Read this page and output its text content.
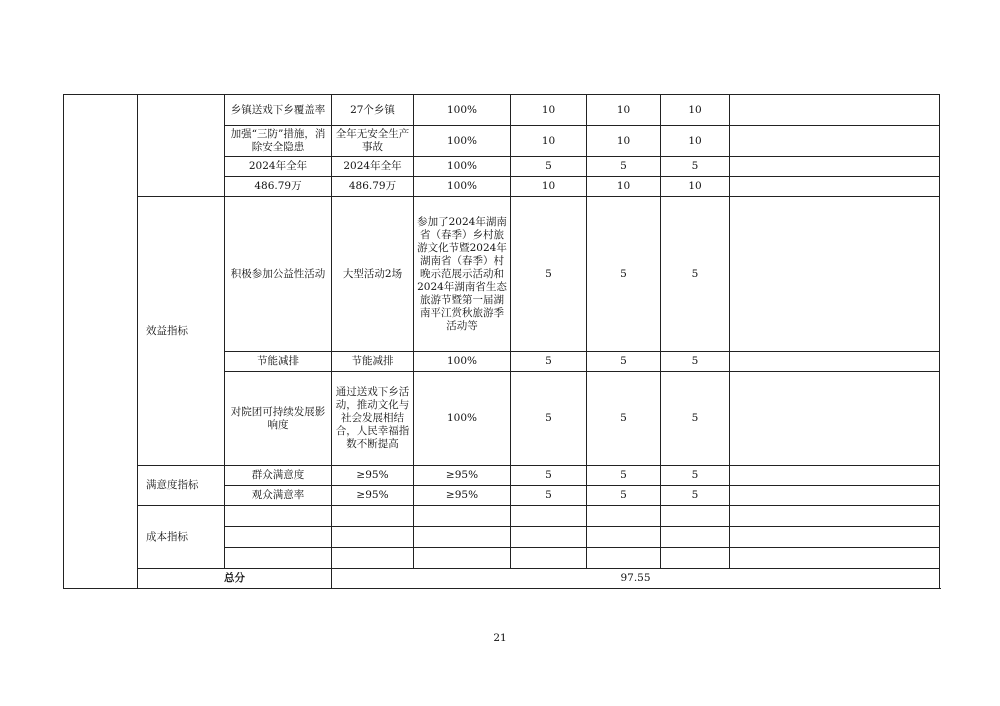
		乡镇送戏下乡覆盖率	27个乡镇	100%	10	10	10	
		加强“三防”措施，消除安全隐患	全年无安全生产事故	100%	10	10	10	
		2024年全年	2024年全年	100%	5	5	5	
		486.79万	486.79万	100%	10	10	10	
	效益指标	积极参加公益性活动	大型活动2场	参加了2024年湖南省（春季）乡村旅游文化节暨2024年湖南省（春季）村晚示范展示活动和2024年湖南省生态旅游节暨第一届湖南平江赏秋旅游季活动等	5	5	5	
		节能减排	节能减排	100%	5	5	5	
		对院团可持续发展影响度	通过送戏下乡活动，推动文化与社会发展相结合，人民幸福指数不断提高	100%	5	5	5	
	满意度指标	群众满意度	≥95%	≥95%	5	5	5	
		观众满意率	≥95%	≥95%	5	5	5	
	成本指标							

	总分		97.55					
21
